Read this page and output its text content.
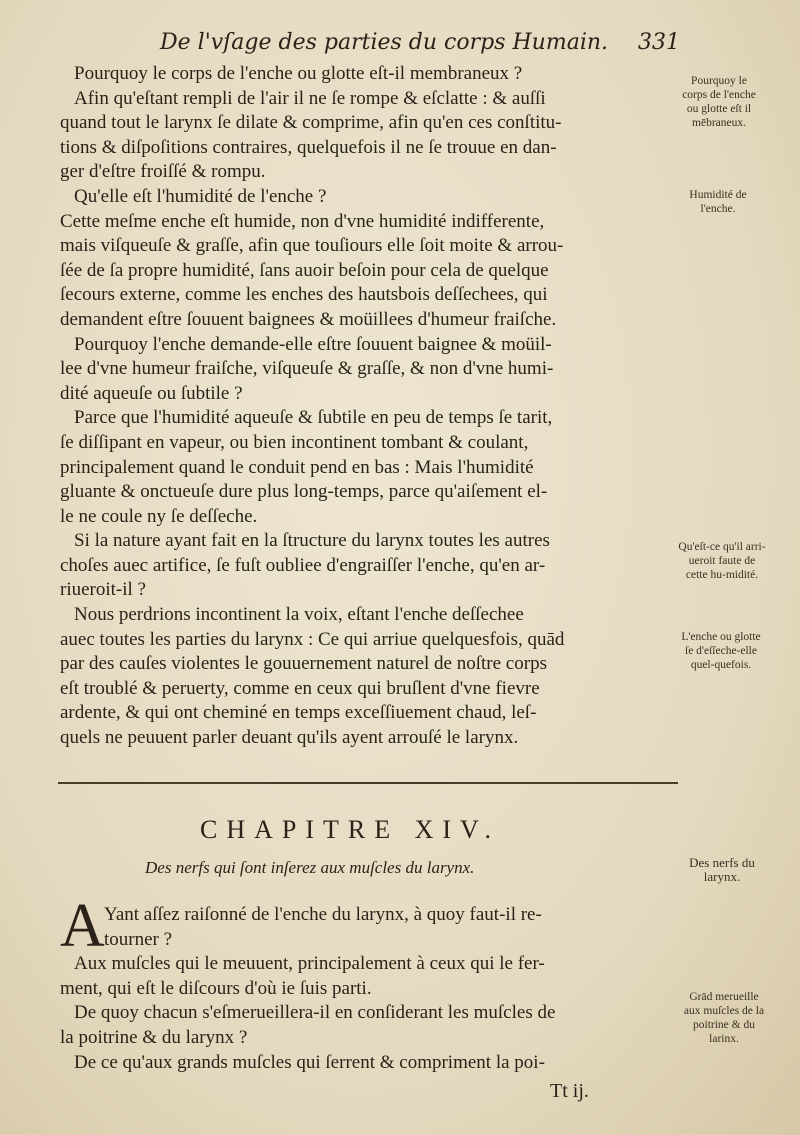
De l'vſage des parties du corps Humain. 331
Pourquoy le corps de l'enche ou glotte eſt-il membraneux ?
Afin qu'eſtant rempli de l'air il ne ſe rompe & eſclatte : & auſſi
quand tout le larynx ſe dilate & comprime, afin qu'en ces conſtitu-
tions & diſpoſitions contraires, quelquefois il ne ſe trouue en dan-
ger d'eſtre froiſſé & rompu.
Qu'elle eſt l'humidité de l'enche ?
Cette meſme enche eſt humide, non d'vne humidité indifferente,
mais viſqueuſe & graſſe, afin que touſiours elle ſoit moite & arrou-
ſée de ſa propre humidité, ſans auoir beſoin pour cela de quelque
ſecours externe, comme les enches des hautsbois deſſechees, qui
demandent eſtre ſouuent baignees & moüillees d'humeur fraiſche.
Pourquoy l'enche demande-elle eſtre ſouuent baignee & moüil-
lee d'vne humeur fraiſche, viſqueuſe & graſſe, & non d'vne humi-
dité aqueuſe ou ſubtile ?
Parce que l'humidité aqueuſe & ſubtile en peu de temps ſe tarit,
ſe diſſipant en vapeur, ou bien incontinent tombant & coulant,
principalement quand le conduit pend en bas : Mais l'humidité
gluante & onctueuſe dure plus long-temps, parce qu'aiſement el-
le ne coule ny ſe deſſeche.
Si la nature ayant fait en la ſtructure du larynx toutes les autres
choſes auec artifice, ſe fuſt oubliee d'engraiſſer l'enche, qu'en ar-
riueroit-il ?
Nous perdrions incontinent la voix, eſtant l'enche deſſechee
auec toutes les parties du larynx : Ce qui arriue quelquesfois, quād
par des cauſes violentes le gouuernement naturel de noſtre corps
eſt troublé & peruerty, comme en ceux qui bruſlent d'vne fievre
ardente, & qui ont cheminé en temps exceſſiuement chaud, leſ-
quels ne peuuent parler deuant qu'ils ayent arrouſé le larynx.
Pourquoy le corps de l'enche ou glotte eſt il mēbraneux.
Humidité de l'enche.
Qu'eſt-ce qu'il arri-ueroit faute de cette hu-midité.
L'enche ou glotte ſe d'eſſeche-elle quel-quefois.
Des nerfs du larynx.
Grād merueille aux muſcles de la poitrine & du larinx.
CHAPITRE XIV.
Des nerfs qui ſont inſerez aux muſcles du larynx.
A Yant aſſez raiſonné de l'enche du larynx, à quoy faut-il re-
tourner ?
Aux muſcles qui le meuuent, principalement à ceux qui le fer-
ment, qui eſt le diſcours d'où ie ſuis parti.
De quoy chacun s'eſmerueillera-il en conſiderant les muſcles de
la poitrine & du larynx ?
De ce qu'aux grands muſcles qui ſerrent & compriment la poi-
Tt ij.
